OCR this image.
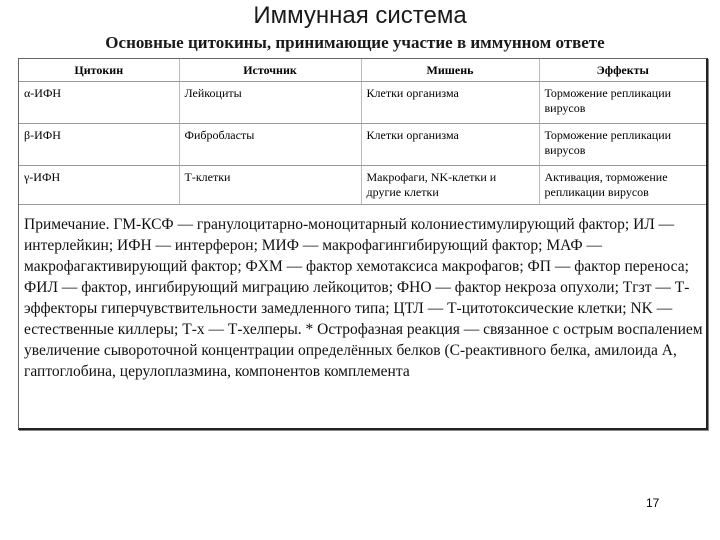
Иммунная система
Основные цитокины, принимающие участие в иммунном ответе
Цитокин	Источник	Мишень	Эффекты
α-ИФН	Лейкоциты	Клетки организма	Торможение репликации вирусов
β-ИФН	Фибробласты	Клетки организма	Торможение репликации вирусов
γ-ИФН	Т-клетки	Макрофаги, NK-клетки и другие клетки	Активация, торможение репликации вирусов
Примечание. ГМ-КСФ — гранулоцитарно-моноцитарный колониестимулирующий фактор; ИЛ — интерлейкин; ИФН — интерферон; МИФ — макрофагингибирующий фактор; МАФ — макрофагактивирующий фактор; ФХМ — фактор хемотаксиса макрофагов; ФП — фактор переноса; ФИЛ — фактор, ингибирующий миграцию лейкоцитов; ФНО — фактор некроза опухоли; Тгзт — Т-эффекторы гиперчувствительности замедленного типа; ЦТЛ — Т-цитотоксические клетки; NK — естественные киллеры; Т-х — Т-хелперы. * Острофазная реакция — связанное с острым воспалением увеличение сывороточной концентрации определённых белков (С-реактивного белка, амилоида А, гаптоглобина, церулоплазмина, компонентов комплемента
17
